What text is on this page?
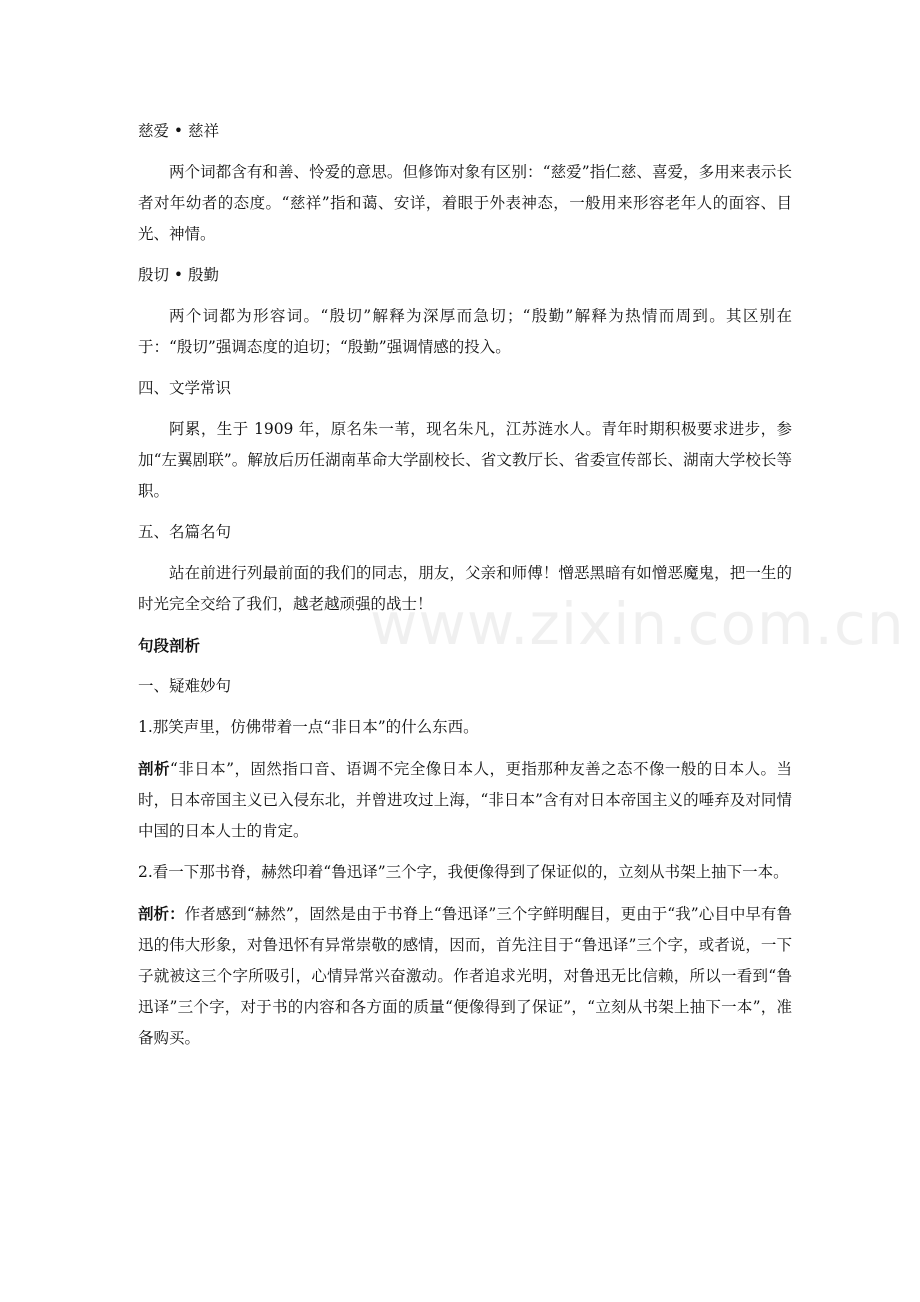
www.zixin.com.cn
慈爱 • 慈祥

两个词都含有和善、怜爱的意思。但修饰对象有区别：“慈爱”指仁慈、喜爱，多用来表示长者对年幼者的态度。“慈祥”指和蔼、安详，着眼于外表神态，一般用来形容老年人的面容、目光、神情。

殷切 • 殷勤

两个词都为形容词。“殷切”解释为深厚而急切；“殷勤”解释为热情而周到。其区别在于：“殷切”强调态度的迫切；“殷勤”强调情感的投入。

四、文学常识

阿累，生于 1909 年，原名朱一苇，现名朱凡，江苏涟水人。青年时期积极要求进步，参加“左翼剧联”。解放后历任湖南革命大学副校长、省文教厅长、省委宣传部长、湖南大学校长等职。

五、名篇名句

站在前进行列最前面的我们的同志，朋友，父亲和师傅！憎恶黑暗有如憎恶魔鬼，把一生的时光完全交给了我们，越老越顽强的战士！

句段剖析
一、疑难妙句

1.那笑声里，仿佛带着一点“非日本”的什么东西。

剖析“非日本”，固然指口音、语调不完全像日本人，更指那种友善之态不像一般的日本人。当时，日本帝国主义已入侵东北，并曾进攻过上海，“非日本”含有对日本帝国主义的唾弃及对同情中国的日本人士的肯定。

2.看一下那书脊，赫然印着“鲁迅译”三个字，我便像得到了保证似的，立刻从书架上抽下一本。

剖析：作者感到“赫然”，固然是由于书脊上“鲁迅译”三个字鲜明醒目，更由于“我”心目中早有鲁迅的伟大形象，对鲁迅怀有异常崇敬的感情，因而，首先注目于“鲁迅译”三个字，或者说，一下子就被这三个字所吸引，心情异常兴奋激动。作者追求光明，对鲁迅无比信赖，所以一看到“鲁迅译”三个字，对于书的内容和各方面的质量“便像得到了保证”，“立刻从书架上抽下一本”，准备购买。
